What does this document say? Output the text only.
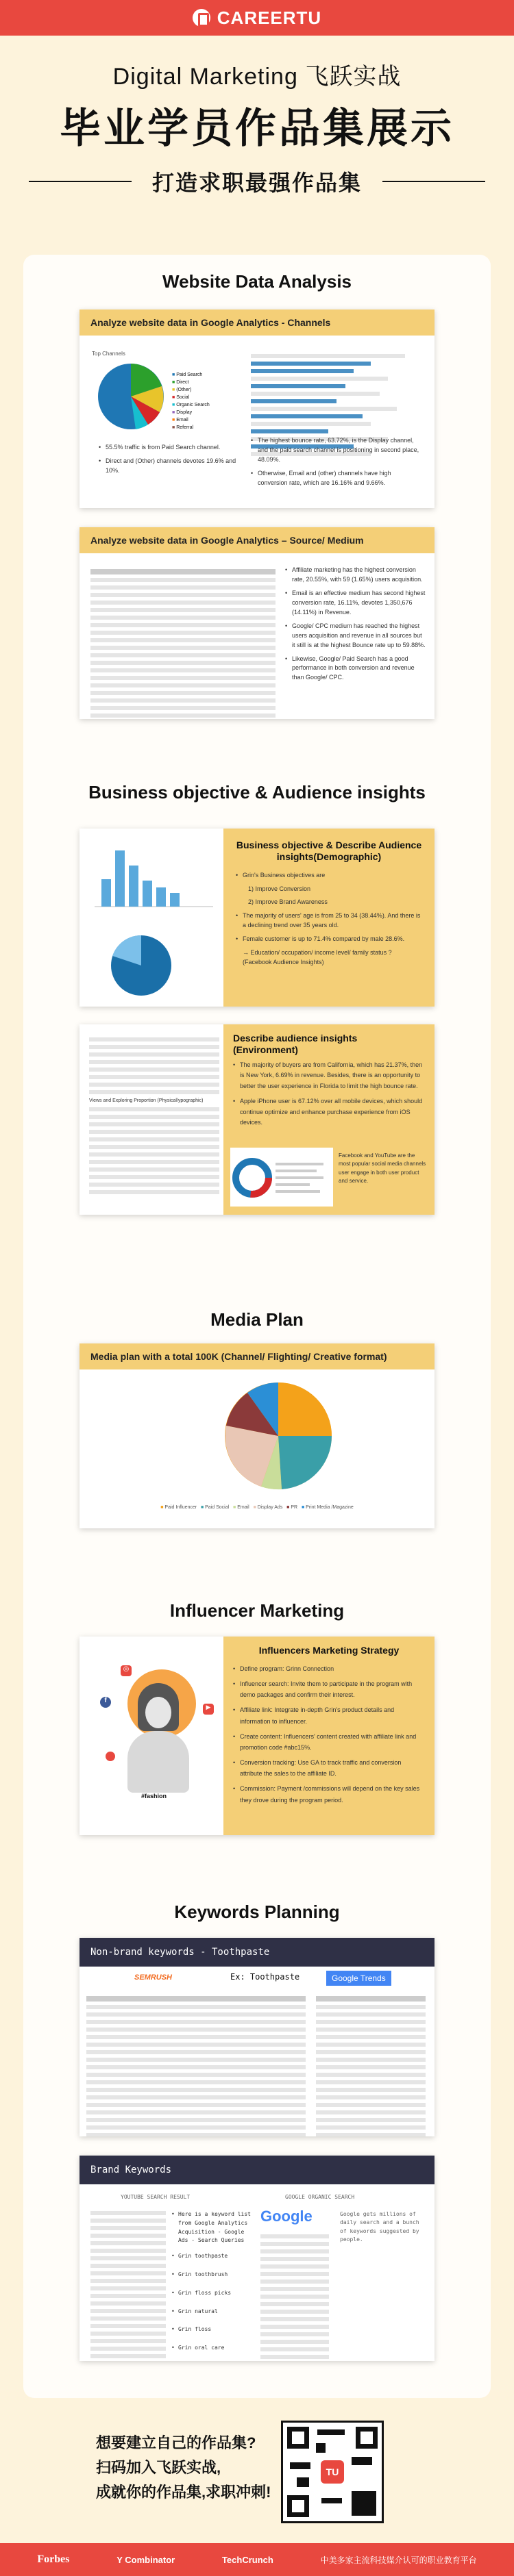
CAREERTU
Digital Marketing 飞跃实战
毕业学员作品集展示
打造求职最强作品集
Website Data Analysis
Analyze website data in Google Analytics - Channels
Top Channels
■ Paid Search
■ Direct
■ (Other)
■ Social
■ Organic Search
■ Display
■ Email
■ Referral
• 55.5% traffic is from Paid Search channel.
• Direct and (Other) channels devotes 19.6% and 10%.
• The highest bounce rate, 63.72%, is the Display channel, and the paid search channel is positioning in second place, 48.09%.
• Otherwise, Email and (other) channels have high conversion rate, which are 16.16% and 9.66%.
Analyze website data in Google Analytics – Source/ Medium
• Affiliate marketing has the highest conversion rate, 20.55%, with 59 (1.65%) users acquisition.
• Email is an effective medium has second highest conversion rate, 16.11%, devotes 1,350,676 (14.11%) in Revenue.
• Google/ CPC medium has reached the highest users acquisition and revenue in all sources but it still is at the highest Bounce rate up to 59.88%.
• Likewise, Google/ Paid Search has a good performance in both conversion and revenue than Google/ CPC.
Business objective & Audience insights
Business objective & Describe Audience insights(Demographic)
• Grin's Business objectives are
1) Improve Conversion
2) Improve Brand Awareness
• The majority of users' age is from 25 to 34 (38.44%). And there is a declining trend over 35 years old.
• Female customer is up to 71.4% compared by male 28.6%.
→ Education/ occupation/ income level/ family status ? (Facebook Audience Insights)
Views and Exploring Proportion (Physical/ypographic)
Describe audience insights (Environment)
• The majority of buyers are from California, which has 21.37%, then is New York, 6.69% in revenue. Besides, there is an opportunity to better the user experience in Florida to limit the high bounce rate.
• Apple iPhone user is 67.12% over all mobile devices, which should continue optimize and enhance purchase experience from iOS devices.
Facebook and YouTube are the most popular social media channels user engage in both user product and service.
Media Plan
Media plan with a total 100K (Channel/ Flighting/ Creative format)
■ Paid Influencer ■ Paid Social ■ Email ■ Display Ads ■ PR ■ Print Media /Magazine
Influencer Marketing
◎
f
▶
#fashion
Influencers Marketing Strategy
• Define program: Grinn Connection
• Influencer search: Invite them to participate in the program with demo packages and confirm their interest.
• Affiliate link: Integrate in-depth Grin's product details and information to influencer.
• Create content: Influencers' content created with affiliate link and promotion code #abc15%.
• Conversion tracking: Use GA to track traffic and conversion attribute the sales to the affiliate ID.
• Commission: Payment /commissions will depend on the key sales they drove during the program period.
Keywords Planning
Non-brand keywords - Toothpaste
SEMRUSH	Ex: Toothpaste	Google Trends
Brand Keywords
YOUTUBE SEARCH RESULT	GOOGLE ORGANIC SEARCH
• Here is a keyword list from Google Analytics Acquisition - Google Ads - Search Queries
• Grin toothpaste
• Grin toothbrush
• Grin floss picks
• Grin natural
• Grin floss
• Grin oral care
Google	Google gets millions of daily search and a bunch of keywords suggested by people.
想要建立自己的作品集?
扫码加入飞跃实战,
成就你的作品集,求职冲刺!
TU
Forbes	Y Combinator	TechCrunch	中美多家主流科技媒介认可的职业教育平台
